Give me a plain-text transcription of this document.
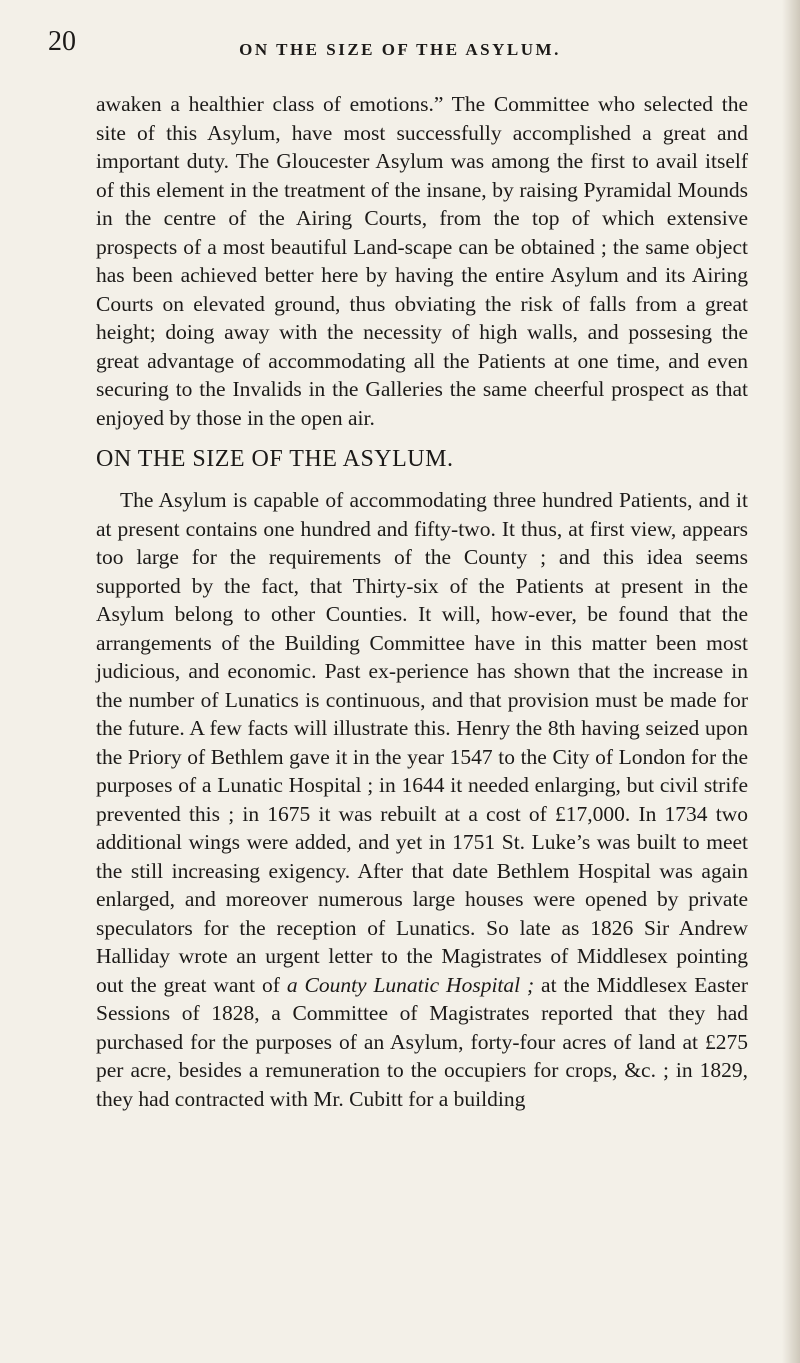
20	ON THE SIZE OF THE ASYLUM.

awaken a healthier class of emotions.” The Committee who selected the site of this Asylum, have most successfully accomplished a great and important duty. The Gloucester Asylum was among the first to avail itself of this element in the treatment of the insane, by raising Pyramidal Mounds in the centre of the Airing Courts, from the top of which extensive prospects of a most beautiful Land-scape can be obtained ; the same object has been achieved better here by having the entire Asylum and its Airing Courts on elevated ground, thus obviating the risk of falls from a great height; doing away with the necessity of high walls, and possesing the great advantage of accommodating all the Patients at one time, and even securing to the Invalids in the Galleries the same cheerful prospect as that enjoyed by those in the open air.

ON THE SIZE OF THE ASYLUM.

The Asylum is capable of accommodating three hundred Patients, and it at present contains one hundred and fifty-two. It thus, at first view, appears too large for the requirements of the County ; and this idea seems supported by the fact, that Thirty-six of the Patients at present in the Asylum belong to other Counties. It will, how-ever, be found that the arrangements of the Building Committee have in this matter been most judicious, and economic. Past ex-perience has shown that the increase in the number of Lunatics is continuous, and that provision must be made for the future. A few facts will illustrate this. Henry the 8th having seized upon the Priory of Bethlem gave it in the year 1547 to the City of London for the purposes of a Lunatic Hospital ; in 1644 it needed enlarging, but civil strife prevented this ; in 1675 it was rebuilt at a cost of £17,000. In 1734 two additional wings were added, and yet in 1751 St. Luke’s was built to meet the still increasing exigency. After that date Bethlem Hospital was again enlarged, and moreover numerous large houses were opened by private speculators for the reception of Lunatics. So late as 1826 Sir Andrew Halliday wrote an urgent letter to the Magistrates of Middlesex pointing out the great want of a County Lunatic Hospital ; at the Middlesex Easter Sessions of 1828, a Committee of Magistrates reported that they had purchased for the purposes of an Asylum, forty-four acres of land at £275 per acre, besides a remuneration to the occupiers for crops, &c. ; in 1829, they had contracted with Mr. Cubitt for a building
